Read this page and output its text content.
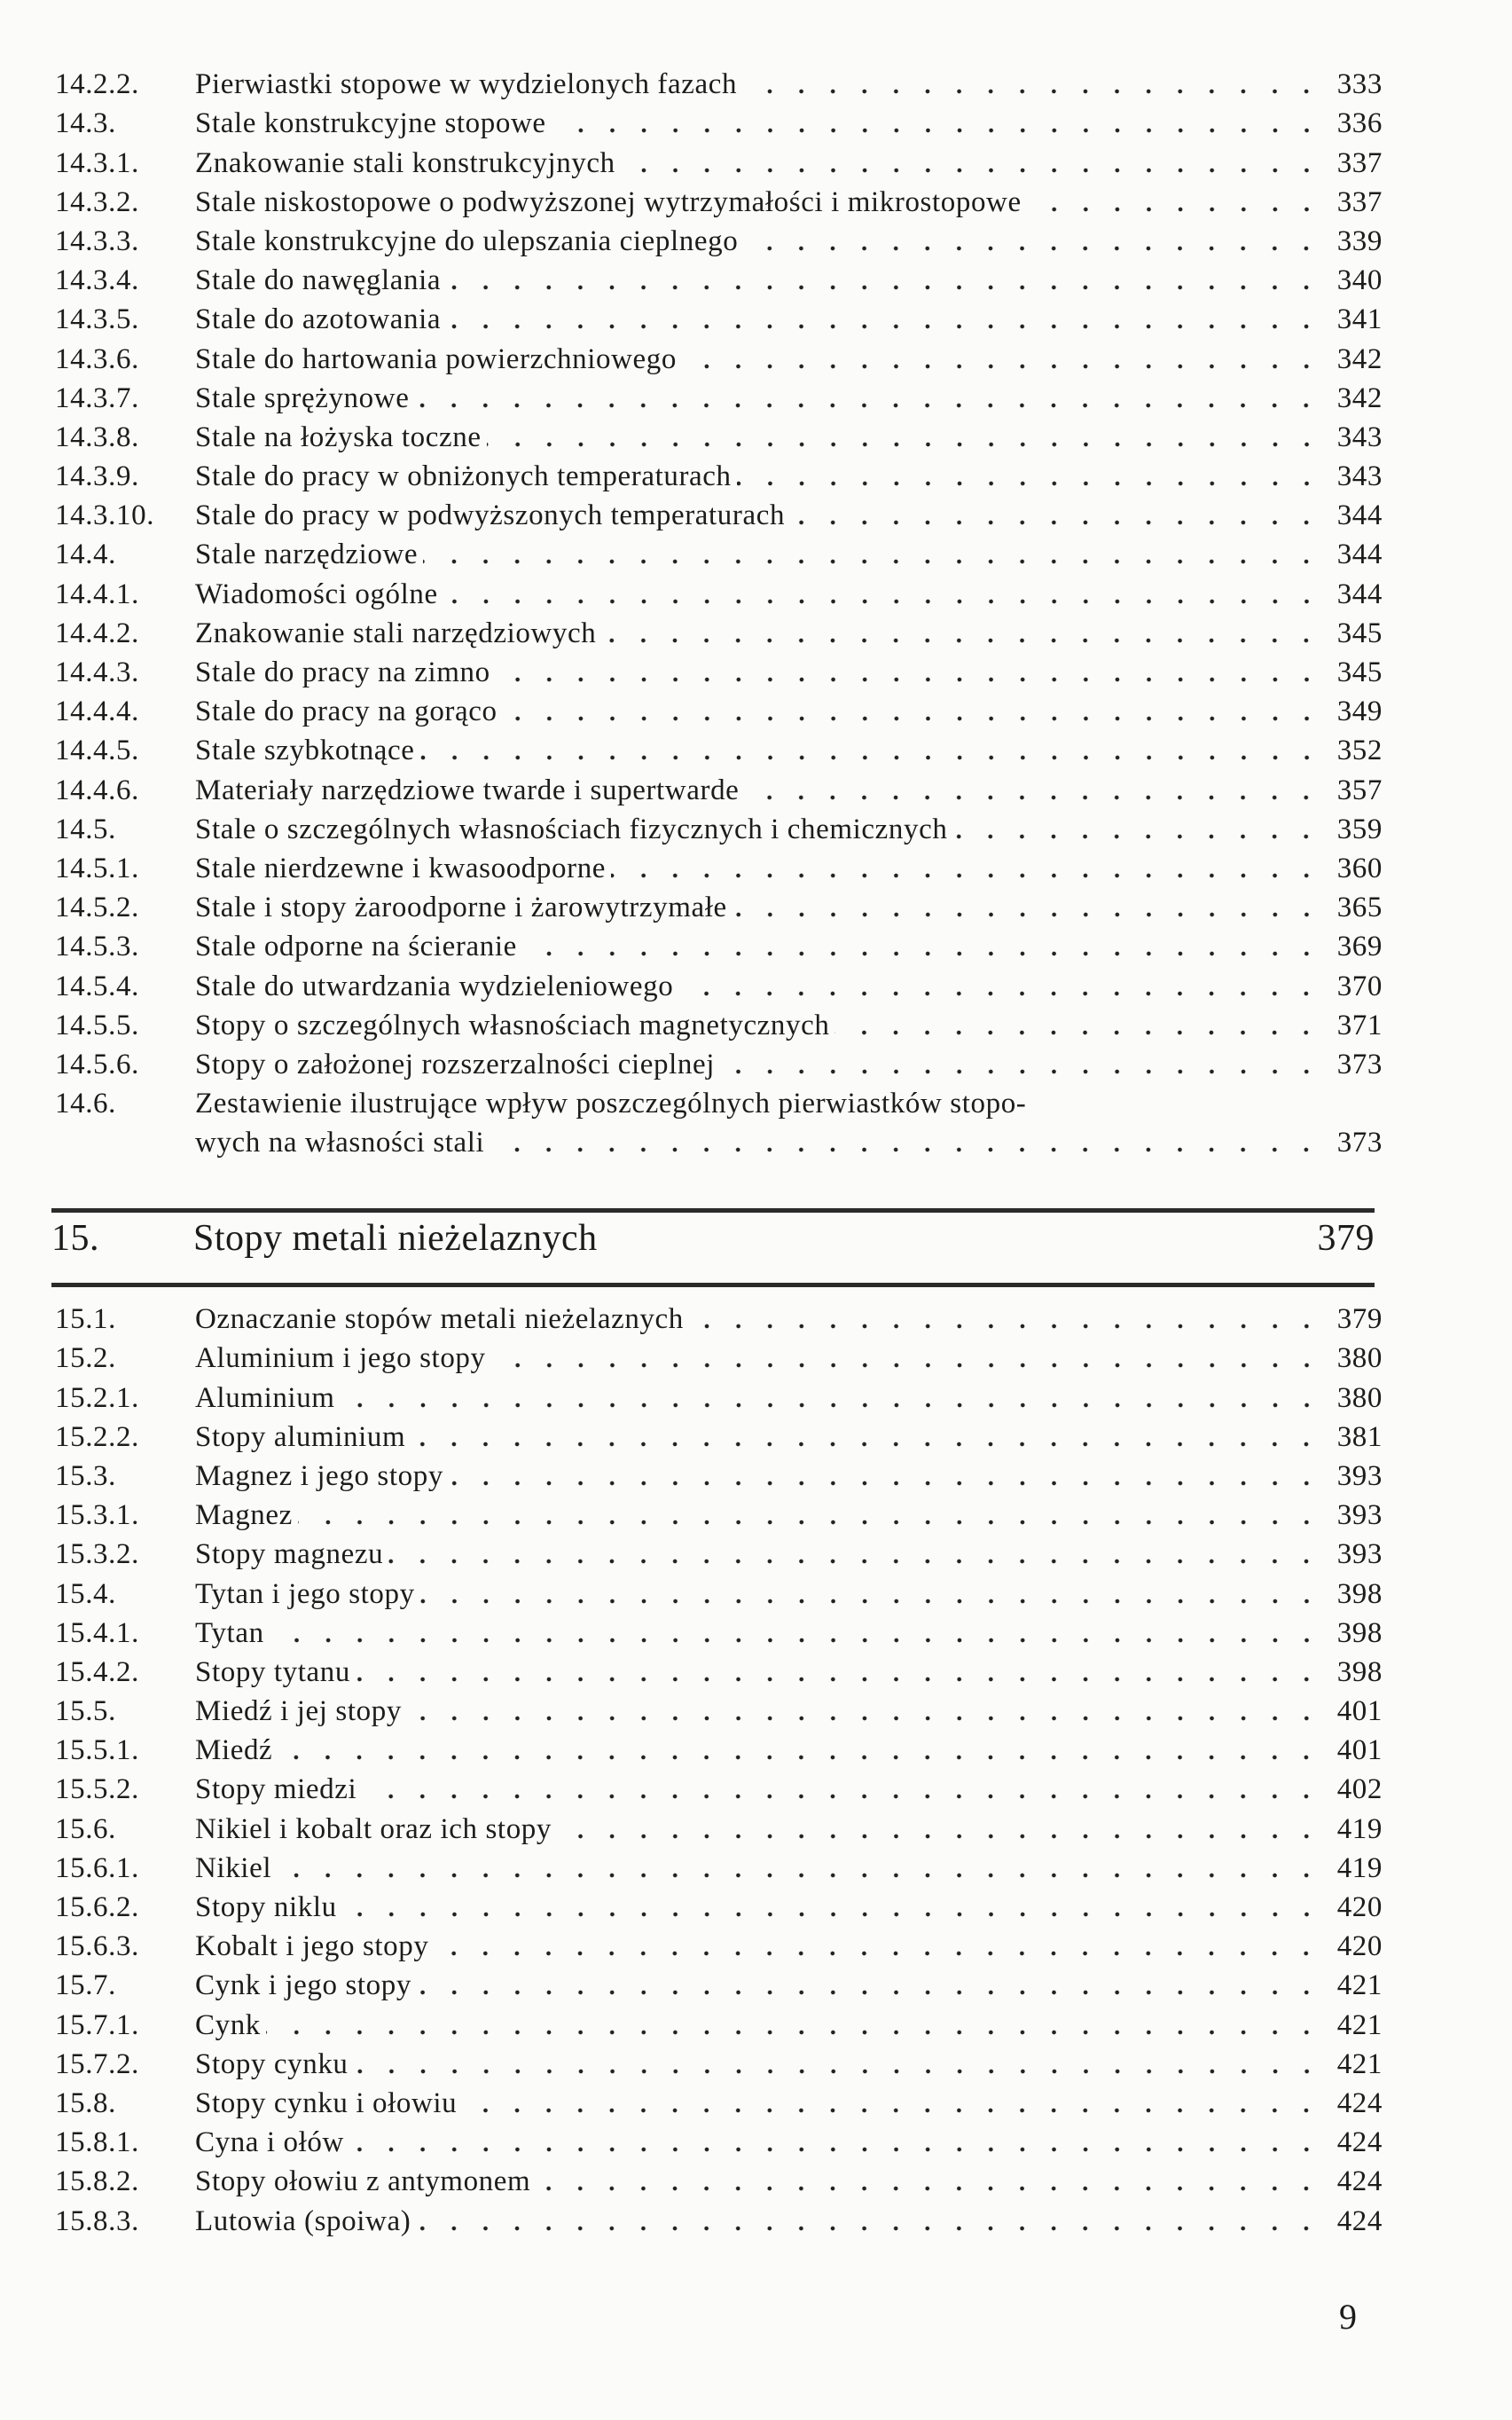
14.2.2.	Pierwiastki stopowe w wydzielonych fazach	333
14.3.	Stale konstrukcyjne stopowe	336
14.3.1.	Znakowanie stali konstrukcyjnych	337
14.3.2.	Stale niskostopowe o podwyższonej wytrzymałości i mikrostopowe	337
14.3.3.	Stale konstrukcyjne do ulepszania cieplnego	339
14.3.4.	Stale do nawęglania	340
14.3.5.	Stale do azotowania	341
14.3.6.	Stale do hartowania powierzchniowego	342
14.3.7.	Stale sprężynowe	342
14.3.8.	Stale na łożyska toczne	343
14.3.9.	Stale do pracy w obniżonych temperaturach	343
14.3.10.	Stale do pracy w podwyższonych temperaturach	344
14.4.	Stale narzędziowe	344
14.4.1.	Wiadomości ogólne	344
14.4.2.	Znakowanie stali narzędziowych	345
14.4.3.	Stale do pracy na zimno	345
14.4.4.	Stale do pracy na gorąco	349
14.4.5.	Stale szybkotnące	352
14.4.6.	Materiały narzędziowe twarde i supertwarde	357
14.5.	Stale o szczególnych własnościach fizycznych i chemicznych	359
14.5.1.	Stale nierdzewne i kwasoodporne	360
14.5.2.	Stale i stopy żaroodporne i żarowytrzymałe	365
14.5.3.	Stale odporne na ścieranie	369
14.5.4.	Stale do utwardzania wydzieleniowego	370
14.5.5.	Stopy o szczególnych własnościach magnetycznych	371
14.5.6.	Stopy o założonej rozszerzalności cieplnej	373
14.6.	Zestawienie ilustrujące wpływ poszczególnych pierwiastków stopo-
wych na własności stali	373
15.	Stopy metali nieżelaznych	379
15.1.	Oznaczanie stopów metali nieżelaznych	379
15.2.	Aluminium i jego stopy	380
15.2.1.	Aluminium	380
15.2.2.	Stopy aluminium	381
15.3.	Magnez i jego stopy	393
15.3.1.	Magnez	393
15.3.2.	Stopy magnezu	393
15.4.	Tytan i jego stopy	398
15.4.1.	Tytan	398
15.4.2.	Stopy tytanu	398
15.5.	Miedź i jej stopy	401
15.5.1.	Miedź	401
15.5.2.	Stopy miedzi	402
15.6.	Nikiel i kobalt oraz ich stopy	419
15.6.1.	Nikiel	419
15.6.2.	Stopy niklu	420
15.6.3.	Kobalt i jego stopy	420
15.7.	Cynk i jego stopy	421
15.7.1.	Cynk	421
15.7.2.	Stopy cynku	421
15.8.	Stopy cynku i ołowiu	424
15.8.1.	Cyna i ołów	424
15.8.2.	Stopy ołowiu z antymonem	424
15.8.3.	Lutowia (spoiwa)	424
9
